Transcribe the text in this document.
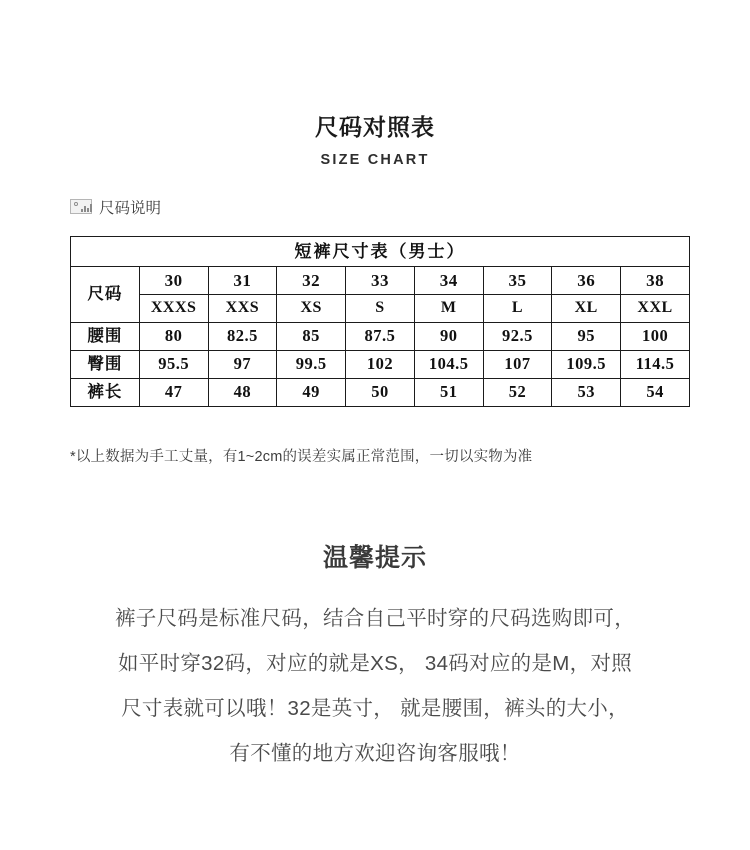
尺码对照表
SIZE CHART
尺码说明
短裤尺寸表（男士）								
尺码	30	31	32	33	34	35	36	38
	XXXS	XXS	XS	S	M	L	XL	XXL
腰围	80	82.5	85	87.5	90	92.5	95	100
臀围	95.5	97	99.5	102	104.5	107	109.5	114.5
裤长	47	48	49	50	51	52	53	54
*以上数据为手工丈量，有1~2cm的误差实属正常范围，一切以实物为准
温馨提示

裤子尺码是标准尺码，结合自己平时穿的尺码选购即可，

如平时穿32码，对应的就是XS， 34码对应的是M，对照

尺寸表就可以哦！32是英寸， 就是腰围，裤头的大小，

有不懂的地方欢迎咨询客服哦！
